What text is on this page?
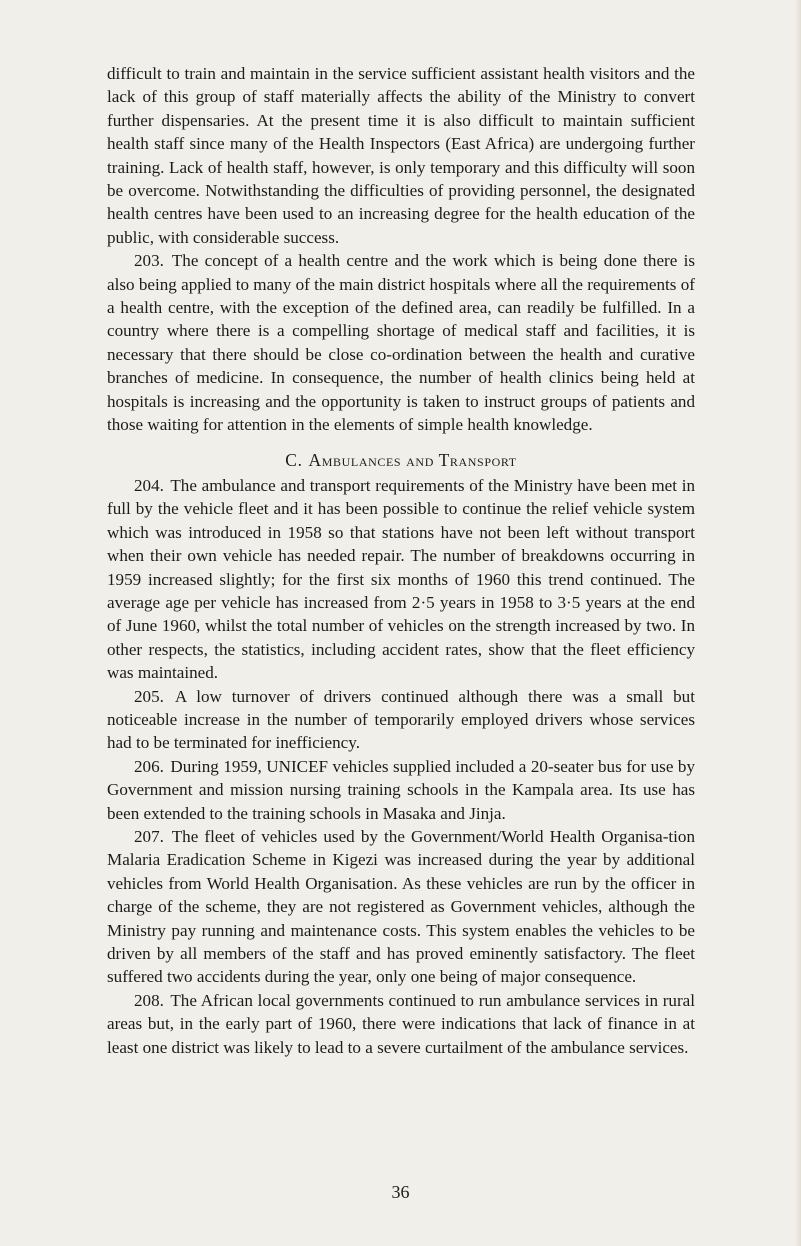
difficult to train and maintain in the service sufficient assistant health visitors and the lack of this group of staff materially affects the ability of the Ministry to convert further dispensaries. At the present time it is also difficult to maintain sufficient health staff since many of the Health Inspectors (East Africa) are undergoing further training. Lack of health staff, however, is only temporary and this difficulty will soon be overcome. Notwithstanding the difficulties of providing personnel, the designated health centres have been used to an increasing degree for the health education of the public, with considerable success.

203. The concept of a health centre and the work which is being done there is also being applied to many of the main district hospitals where all the requirements of a health centre, with the exception of the defined area, can readily be fulfilled. In a country where there is a compelling shortage of medical staff and facilities, it is necessary that there should be close co-ordination between the health and curative branches of medicine. In consequence, the number of health clinics being held at hospitals is increasing and the opportunity is taken to instruct groups of patients and those waiting for attention in the elements of simple health knowledge.

C. Ambulances and Transport

204. The ambulance and transport requirements of the Ministry have been met in full by the vehicle fleet and it has been possible to continue the relief vehicle system which was introduced in 1958 so that stations have not been left without transport when their own vehicle has needed repair. The number of breakdowns occurring in 1959 increased slightly; for the first six months of 1960 this trend continued. The average age per vehicle has increased from 2·5 years in 1958 to 3·5 years at the end of June 1960, whilst the total number of vehicles on the strength increased by two. In other respects, the statistics, including accident rates, show that the fleet efficiency was maintained.

205. A low turnover of drivers continued although there was a small but noticeable increase in the number of temporarily employed drivers whose services had to be terminated for inefficiency.

206. During 1959, UNICEF vehicles supplied included a 20-seater bus for use by Government and mission nursing training schools in the Kampala area. Its use has been extended to the training schools in Masaka and Jinja.

207. The fleet of vehicles used by the Government/World Health Organisa-tion Malaria Eradication Scheme in Kigezi was increased during the year by additional vehicles from World Health Organisation. As these vehicles are run by the officer in charge of the scheme, they are not registered as Government vehicles, although the Ministry pay running and maintenance costs. This system enables the vehicles to be driven by all members of the staff and has proved eminently satisfactory. The fleet suffered two accidents during the year, only one being of major consequence.

208. The African local governments continued to run ambulance services in rural areas but, in the early part of 1960, there were indications that lack of finance in at least one district was likely to lead to a severe curtailment of the ambulance services.

36
